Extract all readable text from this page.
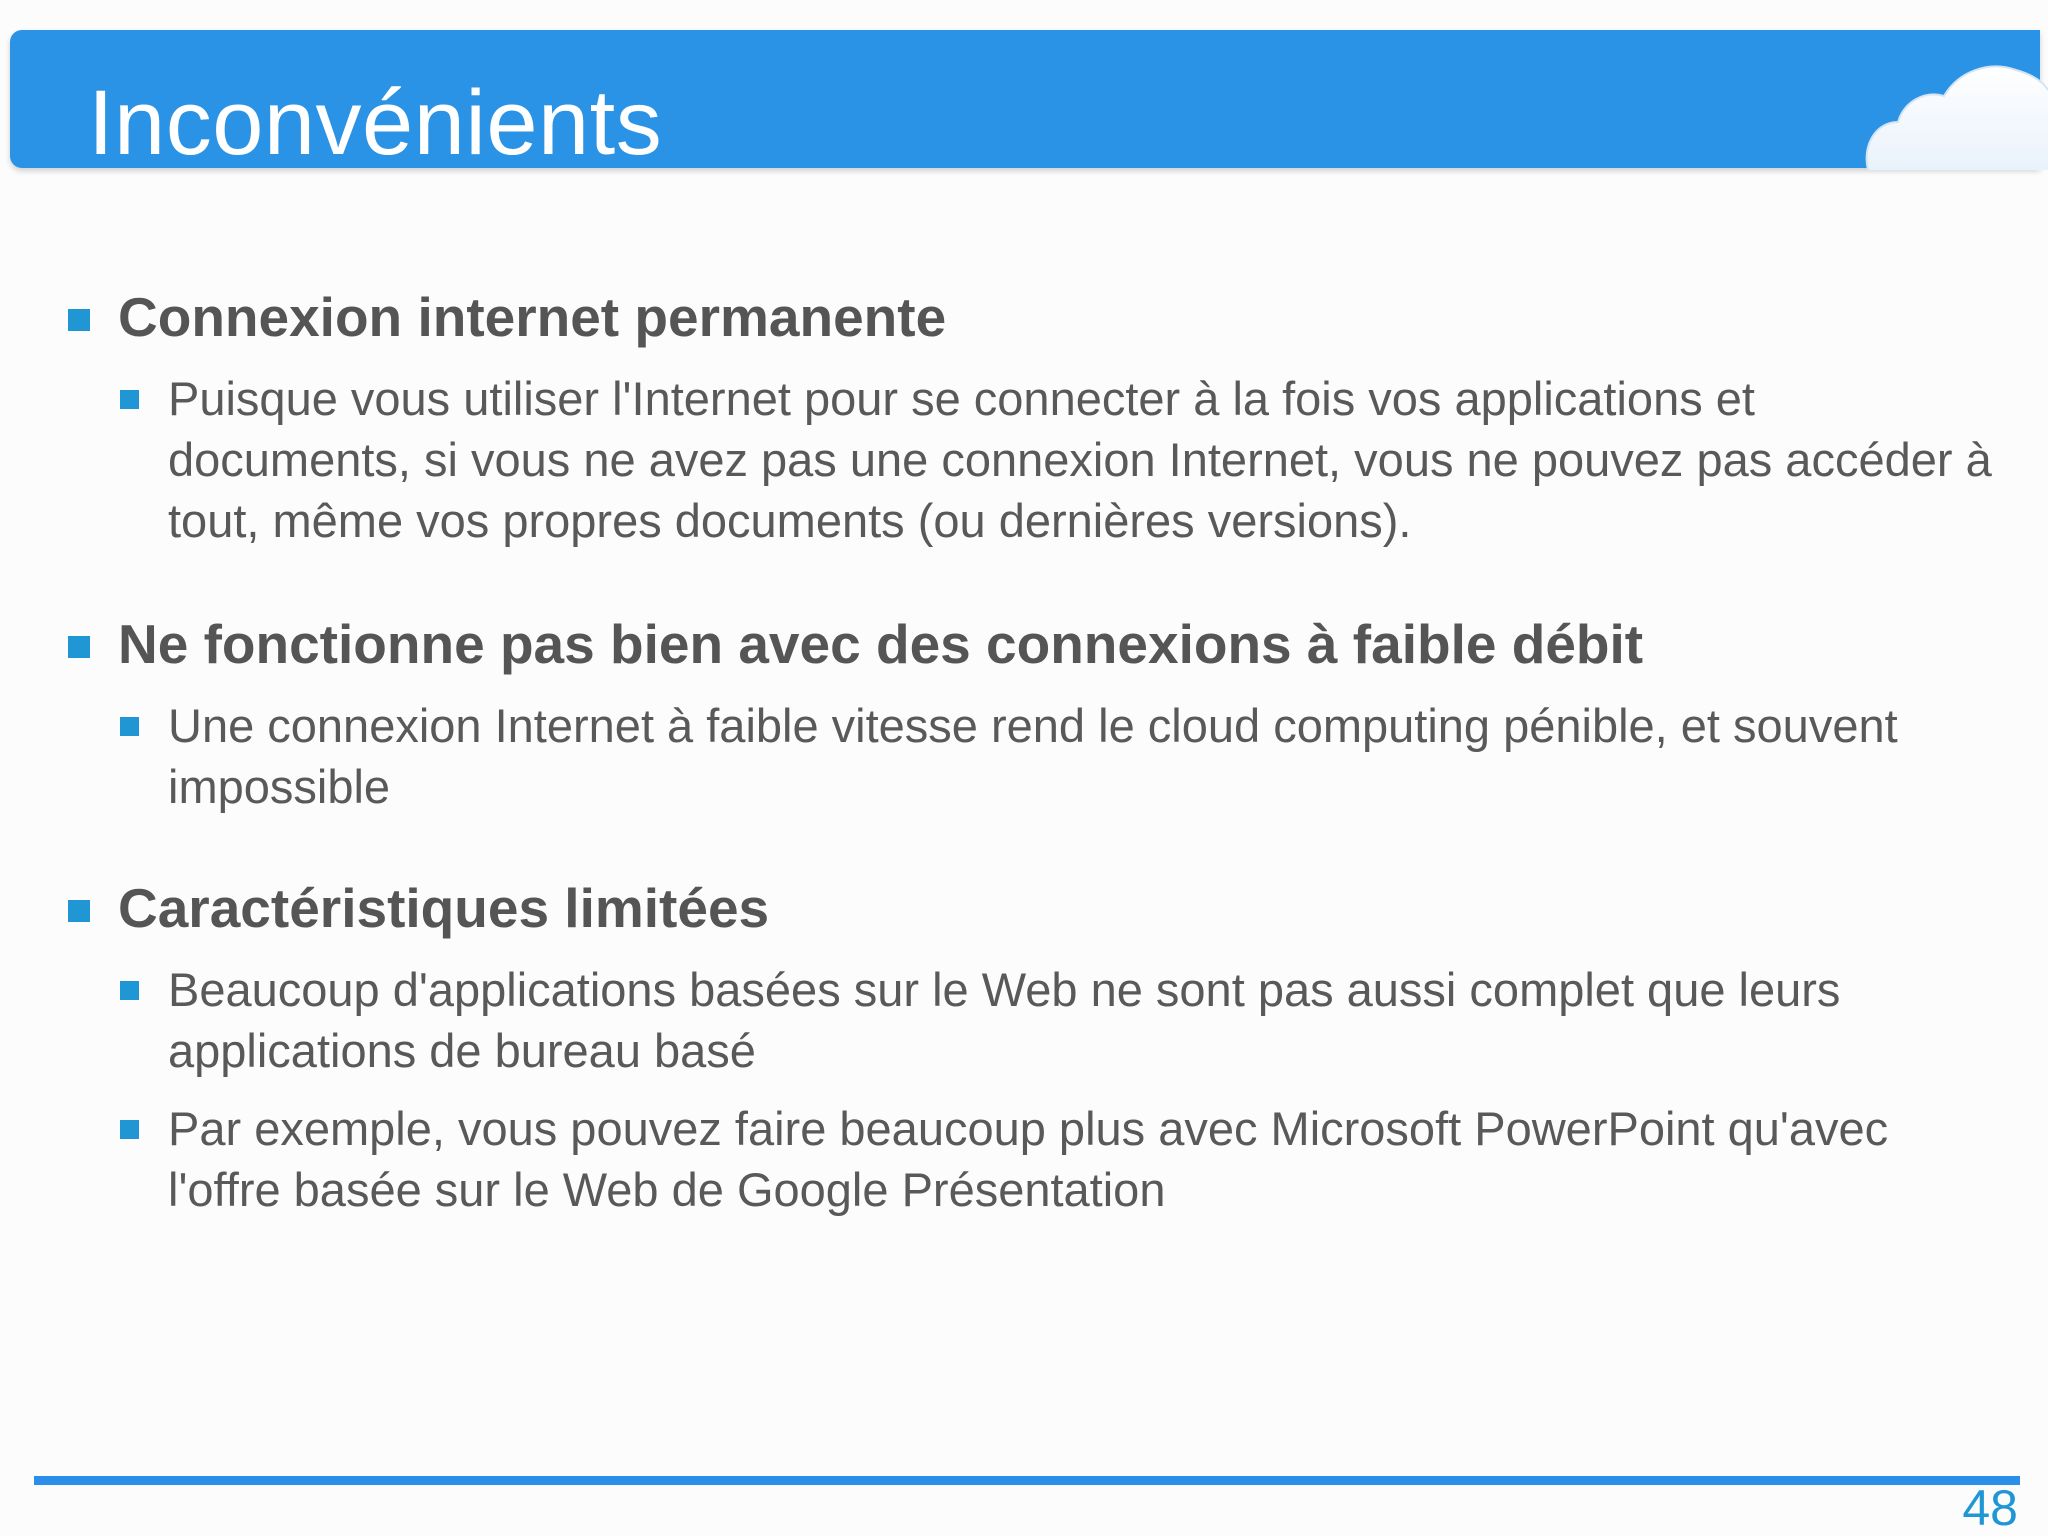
Inconvénients

Connexion internet permanente

Puisque vous utiliser l'Internet pour se connecter à la fois vos applications et documents, si vous ne avez pas une connexion Internet, vous ne pouvez pas accéder à tout, même vos propres documents (ou dernières versions).

Ne fonctionne pas bien avec des connexions à faible débit

Une connexion Internet à faible vitesse rend le cloud computing pénible, et souvent impossible

Caractéristiques limitées

Beaucoup d'applications basées sur le Web ne sont pas aussi complet que leurs applications de bureau basé

Par exemple, vous pouvez faire beaucoup plus avec Microsoft PowerPoint qu'avec l'offre basée sur le Web de Google Présentation

48
